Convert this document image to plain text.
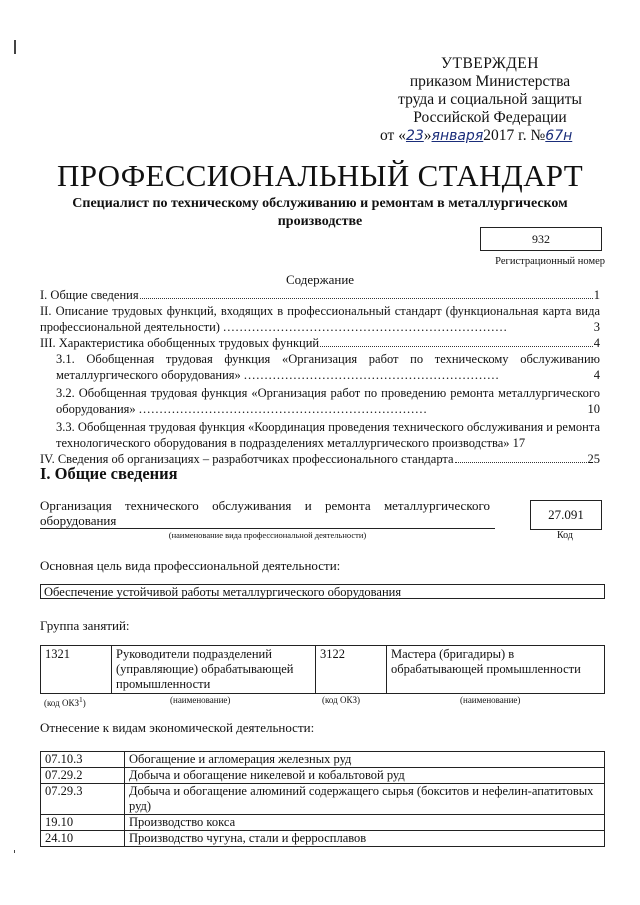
УТВЕРЖДЕН
приказом Министерства
труда и социальной защиты
Российской Федерации
от «23»января2017 г. №67н
ПРОФЕССИОНАЛЬНЫЙ СТАНДАРТ
Специалист по техническому обслуживанию и ремонтам в металлургическом производстве
932
Регистрационный номер
Содержание
I. Общие сведения	1
II. Описание трудовых функций, входящих в профессиональный стандарт (функциональная карта вида профессиональной деятельности) .....................................................................	3
III. Характеристика обобщенных трудовых функций	4
3.1. Обобщенная трудовая функция «Организация работ по техническому обслуживанию металлургического оборудования» ..............................................................	4
3.2. Обобщенная трудовая функция «Организация работ по проведению ремонта металлургического оборудования» ......................................................................	10
3.3. Обобщенная трудовая функция «Координация проведения технического обслуживания и ремонта технологического оборудования в подразделениях металлургического производства» 17
IV. Сведения об организациях – разработчиках профессионального стандарта	25
I. Общие сведения
Организация технического обслуживания и ремонта металлургического оборудования
(наименование вида профессиональной деятельности)
27.091
Код
Основная цель вида профессиональной деятельности:
Обеспечение устойчивой работы металлургического оборудования
Группа занятий:
1321	Руководители подразделений (управляющие) обрабатывающей промышленности	3122	Мастера (бригадиры) в обрабатывающей промышленности
(код ОКЗ$^1$)	(наименование)	(код ОКЗ)	(наименование)
Отнесение к видам экономической деятельности:
07.10.3	Обогащение и агломерация железных руд
07.29.2	Добыча и обогащение никелевой и кобальтовой руд
07.29.3	Добыча и обогащение алюминий содержащего сырья (бокситов и нефелин-апатитовых руд)
19.10	Производство кокса
24.10	Производство чугуна, стали и ферросплавов
